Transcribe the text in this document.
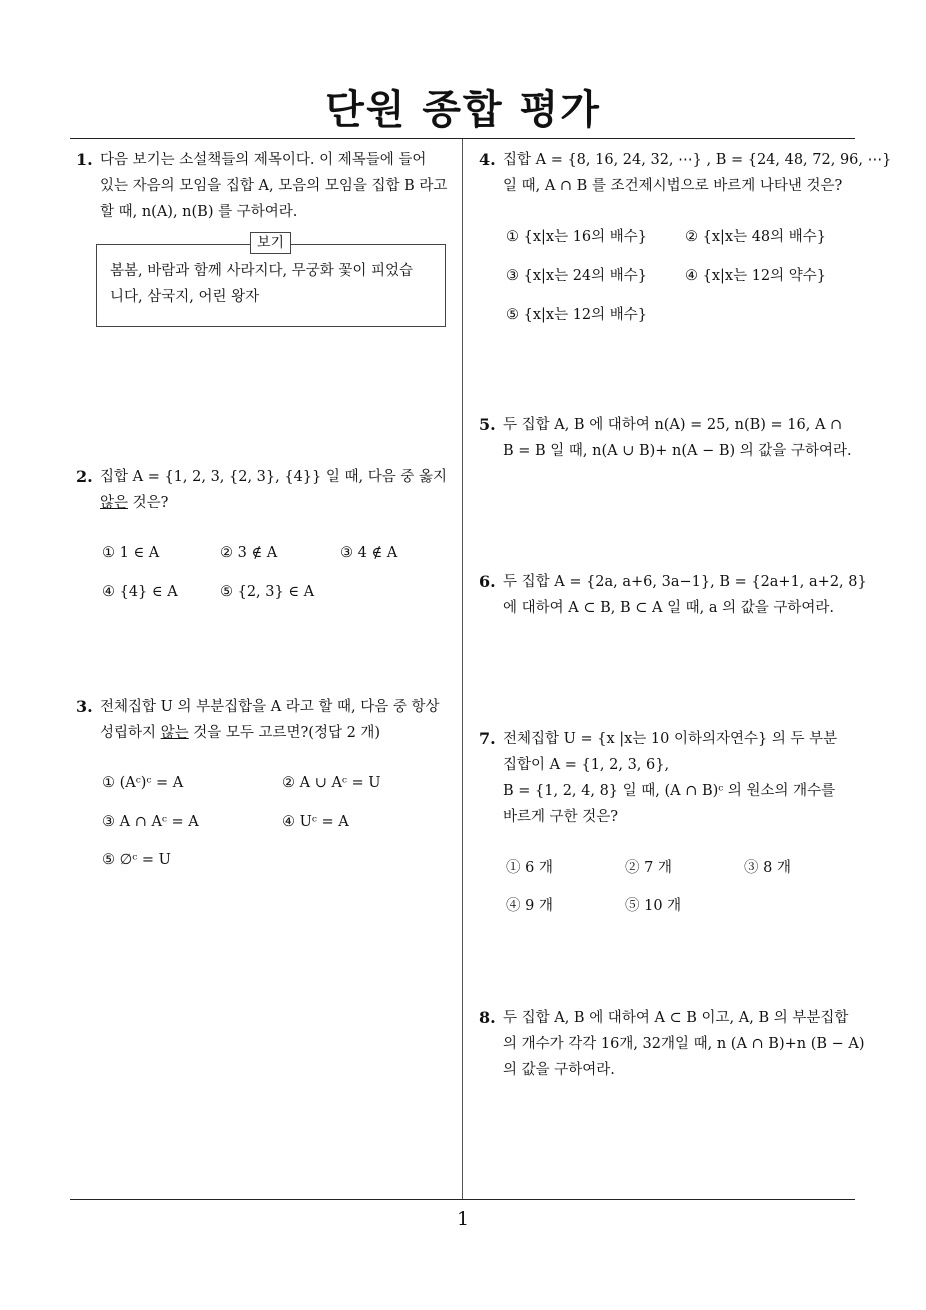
단원 종합 평가
1. 다음 보기는 소설책들의 제목이다. 이 제목들에 들어
있는 자음의 모임을 집합 A, 모음의 모임을 집합 B 라고
할 때, n(A), n(B) 를 구하여라.
보기
봄봄, 바람과 함께 사라지다, 무궁화 꽃이 피었습
니다, 삼국지, 어린 왕자
2. 집합 A = {1, 2, 3, {2, 3}, {4}} 일 때, 다음 중 옳지
않은 것은?
① 1 ∈ A	② 3 ∉ A	③ 4 ∉ A
④ {4} ∈ A	⑤ {2, 3} ∈ A
3. 전체집합 U 의 부분집합을 A 라고 할 때, 다음 중 항상
성립하지 않는 것을 모두 고르면?(정답 2 개)
① (Aᶜ)ᶜ = A	② A ∪ Aᶜ = U
③ A ∩ Aᶜ = A	④ Uᶜ = A
⑤ ∅ᶜ = U
4. 집합 A = {8, 16, 24, 32, ⋯} , B = {24, 48, 72, 96, ⋯}
일 때, A ∩ B 를 조건제시법으로 바르게 나타낸 것은?
① {x|x는 16의 배수}	② {x|x는 48의 배수}
③ {x|x는 24의 배수}	④ {x|x는 12의 약수}
⑤ {x|x는 12의 배수}
5. 두 집합 A, B 에 대하여 n(A) = 25, n(B) = 16, A ∩
B = B 일 때, n(A ∪ B)+ n(A − B) 의 값을 구하여라.
6. 두 집합 A = {2a, a+6, 3a−1}, B = {2a+1, a+2, 8}
에 대하여 A ⊂ B, B ⊂ A 일 때, a 의 값을 구하여라.
7. 전체집합 U = {x |x는 10 이하의자연수} 의 두 부분
집합이 A = {1, 2, 3, 6},
B = {1, 2, 4, 8} 일 때, (A ∩ B)ᶜ 의 원소의 개수를
바르게 구한 것은?
① 6 개	② 7 개	③ 8 개
④ 9 개	⑤ 10 개
8. 두 집합 A, B 에 대하여 A ⊂ B 이고, A, B 의 부분집합
의 개수가 각각 16개, 32개일 때, n (A ∩ B)+n (B − A)
의 값을 구하여라.
1
